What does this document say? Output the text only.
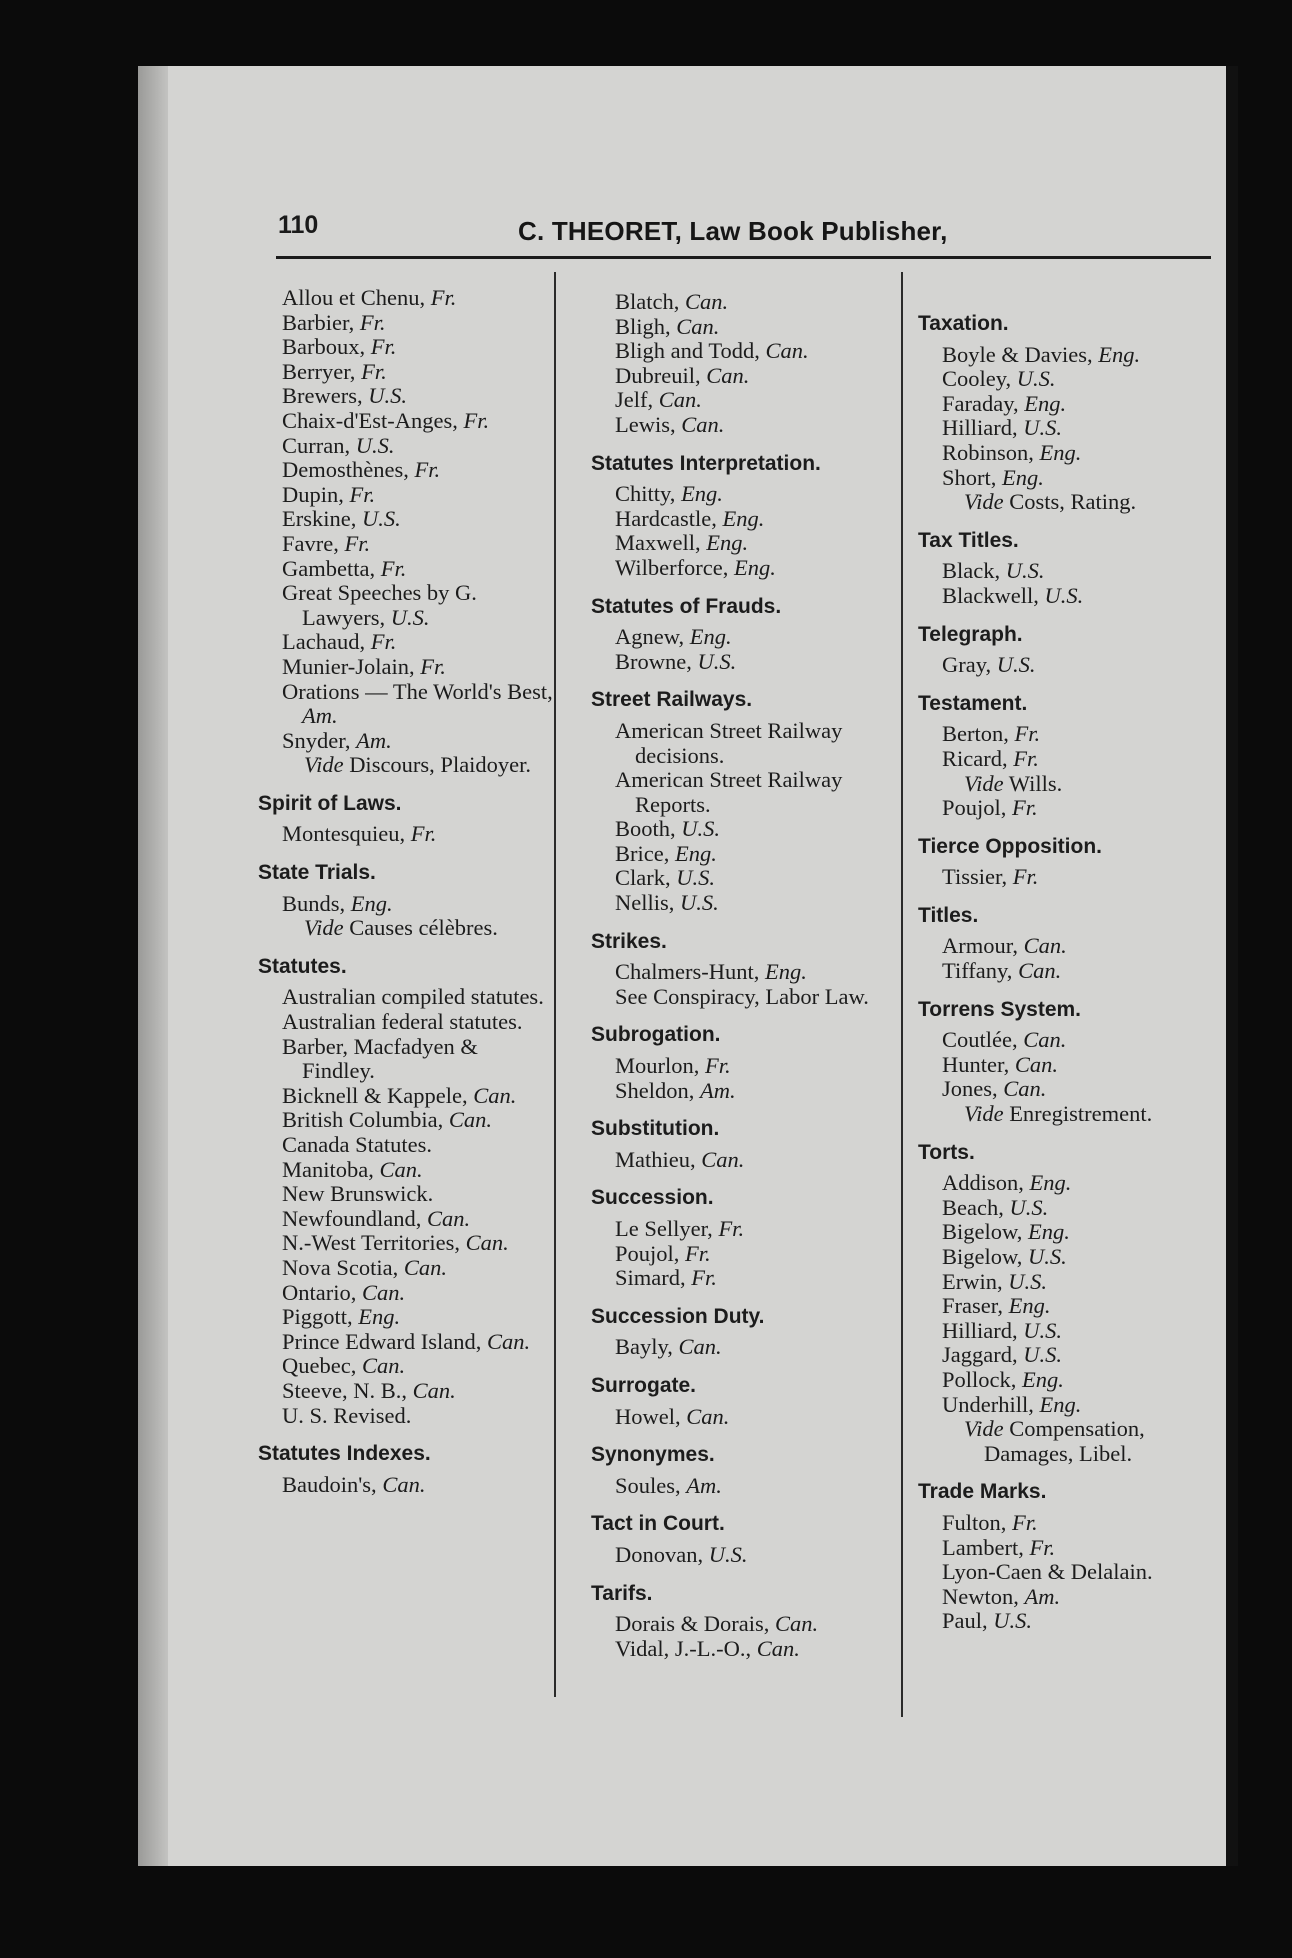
110	C. THEORET, Law Book Publisher,
Allou et Chenu, Fr.
Barbier, Fr.
Barboux, Fr.
Berryer, Fr.
Brewers, U.S.
Chaix-d'Est-Anges, Fr.
Curran, U.S.
Demosthènes, Fr.
Dupin, Fr.
Erskine, U.S.
Favre, Fr.
Gambetta, Fr.
Great Speeches by G. Lawyers, U.S.
Lachaud, Fr.
Munier-Jolain, Fr.
Orations — The World's Best, Am.
Snyder, Am.
Vide Discours, Plaidoyer.
Spirit of Laws.
Montesquieu, Fr.
State Trials.
Bunds, Eng.
Vide Causes célèbres.
Statutes.
Australian compiled statutes.
Australian federal statutes.
Barber, Macfadyen & Findley.
Bicknell & Kappele, Can.
British Columbia, Can.
Canada Statutes.
Manitoba, Can.
New Brunswick.
Newfoundland, Can.
N.-West Territories, Can.
Nova Scotia, Can.
Ontario, Can.
Piggott, Eng.
Prince Edward Island, Can.
Quebec, Can.
Steeve, N. B., Can.
U. S. Revised.
Statutes Indexes.
Baudoin's, Can.
Blatch, Can.
Bligh, Can.
Bligh and Todd, Can.
Dubreuil, Can.
Jelf, Can.
Lewis, Can.
Statutes Interpretation.
Chitty, Eng.
Hardcastle, Eng.
Maxwell, Eng.
Wilberforce, Eng.
Statutes of Frauds.
Agnew, Eng.
Browne, U.S.
Street Railways.
American Street Railway decisions.
American Street Railway Reports.
Booth, U.S.
Brice, Eng.
Clark, U.S.
Nellis, U.S.
Strikes.
Chalmers-Hunt, Eng.
See Conspiracy, Labor Law.
Subrogation.
Mourlon, Fr.
Sheldon, Am.
Substitution.
Mathieu, Can.
Succession.
Le Sellyer, Fr.
Poujol, Fr.
Simard, Fr.
Succession Duty.
Bayly, Can.
Surrogate.
Howel, Can.
Synonymes.
Soules, Am.
Tact in Court.
Donovan, U.S.
Tarifs.
Dorais & Dorais, Can.
Vidal, J.-L.-O., Can.
Taxation.
Boyle & Davies, Eng.
Cooley, U.S.
Faraday, Eng.
Hilliard, U.S.
Robinson, Eng.
Short, Eng.
Vide Costs, Rating.
Tax Titles.
Black, U.S.
Blackwell, U.S.
Telegraph.
Gray, U.S.
Testament.
Berton, Fr.
Ricard, Fr.
Vide Wills.
Poujol, Fr.
Tierce Opposition.
Tissier, Fr.
Titles.
Armour, Can.
Tiffany, Can.
Torrens System.
Coutlée, Can.
Hunter, Can.
Jones, Can.
Vide Enregistrement.
Torts.
Addison, Eng.
Beach, U.S.
Bigelow, Eng.
Bigelow, U.S.
Erwin, U.S.
Fraser, Eng.
Hilliard, U.S.
Jaggard, U.S.
Pollock, Eng.
Underhill, Eng.
Vide Compensation, Damages, Libel.
Trade Marks.
Fulton, Fr.
Lambert, Fr.
Lyon-Caen & Delalain.
Newton, Am.
Paul, U.S.
